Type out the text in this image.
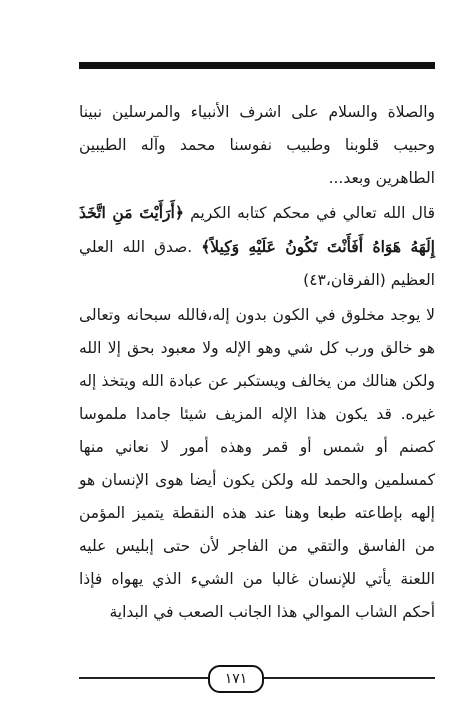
والصلاة والسلام على اشرف الأنبياء والمرسلين نبينا وحبيب قلوبنا وطبيب نفوسنا محمد وآله الطيبين الطاهرين وبعد...

قال الله تعالي في محكم كتابه الكريم ﴿أَرَأَيْتَ مَنِ اتَّخَذَ إِلَهَهُ هَوَاهُ أَفَأَنْتَ تَكُونُ عَلَيْهِ وَكِيلاً﴾ .صدق الله العلي العظيم (الفرقان،٤٣)

لا يوجد مخلوق في الكون بدون إله،فالله سبحانه وتعالى هو خالق ورب كل شي وهو الإله ولا معبود بحق إلا الله ولكن هنالك من يخالف ويستكبر عن عبادة الله ويتخذ إله غيره. قد يكون هذا الإله المزيف شيئا جامدا ملموسا كصنم أو شمس أو قمر وهذه أمور لا نعاني منها كمسلمين والحمد لله ولكن يكون أيضا هوى الإنسان هو إلهه بإطاعته طبعا وهنا عند هذه النقطة يتميز المؤمن من الفاسق والتقي من الفاجر لأن حتى إبليس عليه اللعنة يأتي للإنسان غالبا من الشيء الذي يهواه فإذا أحكم الشاب الموالي هذا الجانب الصعب في البداية

١٧١
